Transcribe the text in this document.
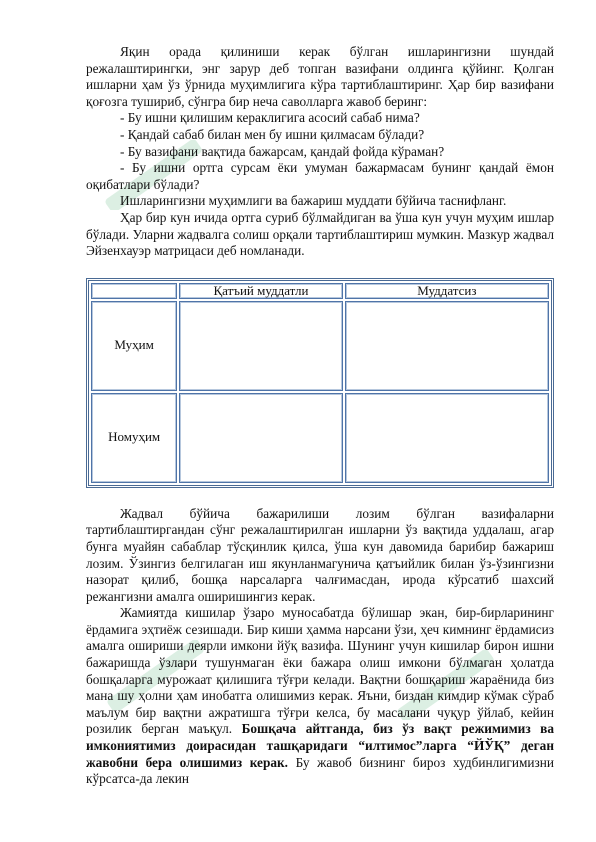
Яқин орада қилиниши керак бўлган ишларингизни шундай режалаштирингки, энг зарур деб топган вазифани олдинга қўйинг. Қолган ишларни ҳам ўз ўрнида муҳимлигига кўра тартиблаштиринг. Ҳар бир вазифани қоғозга тушириб, сўнгра бир неча саволларга жавоб беринг:

- Бу ишни қилишим кераклигига асосий сабаб нима?

- Қандай сабаб билан мен бу ишни қилмасам бўлади?

- Бу вазифани вақтида бажарсам, қандай фойда кўраман?

- Бу ишни ортга сурсам ёки умуман бажармасам бунинг қандай ёмон оқибатлари бўлади?

Ишларингизни муҳимлиги ва бажариш муддати бўйича таснифланг.

Ҳар бир кун ичида ортга суриб бўлмайдиган ва ўша кун учун муҳим ишлар бўлади. Уларни жадвалга солиш орқали тартиблаштириш мумкин. Мазкур жадвал Эйзенхауэр матрицаси деб номланади.

	Қатъий муддатли	Муддатсиз
Муҳим		
Номуҳим		

Жадвал бўйича бажарилиши лозим бўлган вазифаларни тартиблаштиргандан сўнг режалаштирилган ишларни ўз вақтида уддалаш, агар бунга муайян сабаблар тўсқинлик қилса, ўша кун давомида барибир бажариш лозим. Ўзингиз белгилаган иш якунланмагунича қатъийлик билан ўз-ўзингизни назорат қилиб, бошқа нарсаларга чалғимасдан, ирода кўрсатиб шахсий режангизни амалга оширишингиз керак.

Жамиятда кишилар ўзаро муносабатда бўлишар экан, бир-бирларининг ёрдамига эҳтиёж сезишади. Бир киши ҳамма нарсани ўзи, ҳеч кимнинг ёрдамисиз амалга ошириши деярли имкони йўқ вазифа. Шунинг учун кишилар бирон ишни бажаришда ўзлари тушунмаган ёки бажара олиш имкони бўлмаган ҳолатда бошқаларга мурожаат қилишига тўғри келади. Вақтни бошқариш жараёнида биз мана шу ҳолни ҳам инобатга олишимиз керак. Яъни, биздан кимдир кўмак сўраб маълум бир вақтни ажратишга тўғри келса, бу масалани чуқур ўйлаб, кейин розилик берган маъқул. Бошқача айтганда, биз ўз вақт режимимиз ва имкониятимиз доирасидан ташқаридаги “илтимос”ларга “ЙЎҚ” деган жавобни бера олишимиз керак. Бу жавоб бизнинг бироз худбинлигимизни кўрсатса-да лекин
